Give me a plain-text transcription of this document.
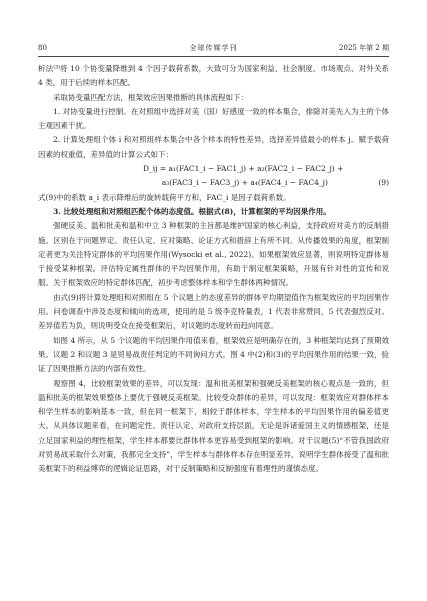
80	全球传媒学刊	2025 年第 2 期

析法⁽³⁾将 10 个协变量降维到 4 个因子载荷系数，大致可分为国家利益、社会制度、市场观点、对外关系 4 类，用于后续的样本匹配。

采取协变量匹配方法，框架效应因果推断的具体流程如下：

1. 对协变量进行控制。在对照组中选择对美（国）好感度一致的样本集合，排除对美先入为主的个体主观因素干扰。

2. 计算处理组个体 i 和对照组样本集合中各个样本的特性差异，选择差异值最小的样本 j。赋予载荷因素的权重值，差异值的计算公式如下：

D_ij = a₁(FAC1_i − FAC1_j) + a₂(FAC2_i − FAC2_j) +
a₃(FAC3_i − FAC3_j) + a₄(FAC4_i − FAC4_j)	(9)

式(9)中的系数 a_i 表示降维后的旋转载荷平方和，FAC_i 是因子载荷系数。

3. 比较处理组和对照组匹配个体的态度值。根据式(8)，计算框架的平均因果作用。

强硬反美、温和批美和温和中立 3 种框架的主旨都是维护国家的核心利益，支持政府对美方的反制措施。区别在于问题界定、责任认定、应对策略、论证方式和措辞上有所不同。从传播效果的角度，框架制定者更为关注特定群体的平均因果作用(Wysocki et al., 2022)。如果框架效应显著，则说明特定群体易于接受某种框架。评估特定属性群体的平均因果作用，有助于制定框架策略，开展有针对性的宣传和说服。关于框架效应的特定群体匹配，初步考虑整体样本和学生群体两种情况。

由式(9)将计算处理组和对照组在 5 个议题上的态度差异的群体平均期望值作为框架效应的平均因果作用。问卷调查中涉及态度和倾向的选项，使用的是 5 级李克特量表，1 代表非常赞同，5 代表强烈反对。差异值若为负，则说明受众在接受框架后，对议题的态度转而趋向同意。

如图 4 所示，从 5 个议题的平均因果作用值来看，框架效应是明确存在的，3 种框架均达到了预期效果。议题 2 和议题 3 是贸易战责任判定的不同询问方式，图 4 中(2)和(3)的平均因果作用的结果一致，验证了因果推断方法的内部有效性。

观察图 4，比较框架效果的差异，可以发现：温和批美框架和强硬反美框架的核心观点是一致的，但温和批美的框架效果整体上要优于强硬反美框架。比较受众群体的差异，可以发现：框架效应对群体样本和学生样本的影响基本一致，但在同一框架下，相较于群体样本，学生样本的平均因果作用的偏差值更大。从具体议题来看，在问题定性、责任认定、对政府支持层面，无论是诉诸爱国主义的情感框架，还是立足国家利益的理性框架，学生样本都要比群体样本更容易受到框架的影响。对于议题(5)“不管我国政府对贸易战采取什么对策，我都完全支持”，学生样本与群体样本存在明显差异，说明学生群体接受了温和批美框架下的利益博弈的逻辑论证思路，对于反制策略和反制强度有着理性的谨慎态度。
